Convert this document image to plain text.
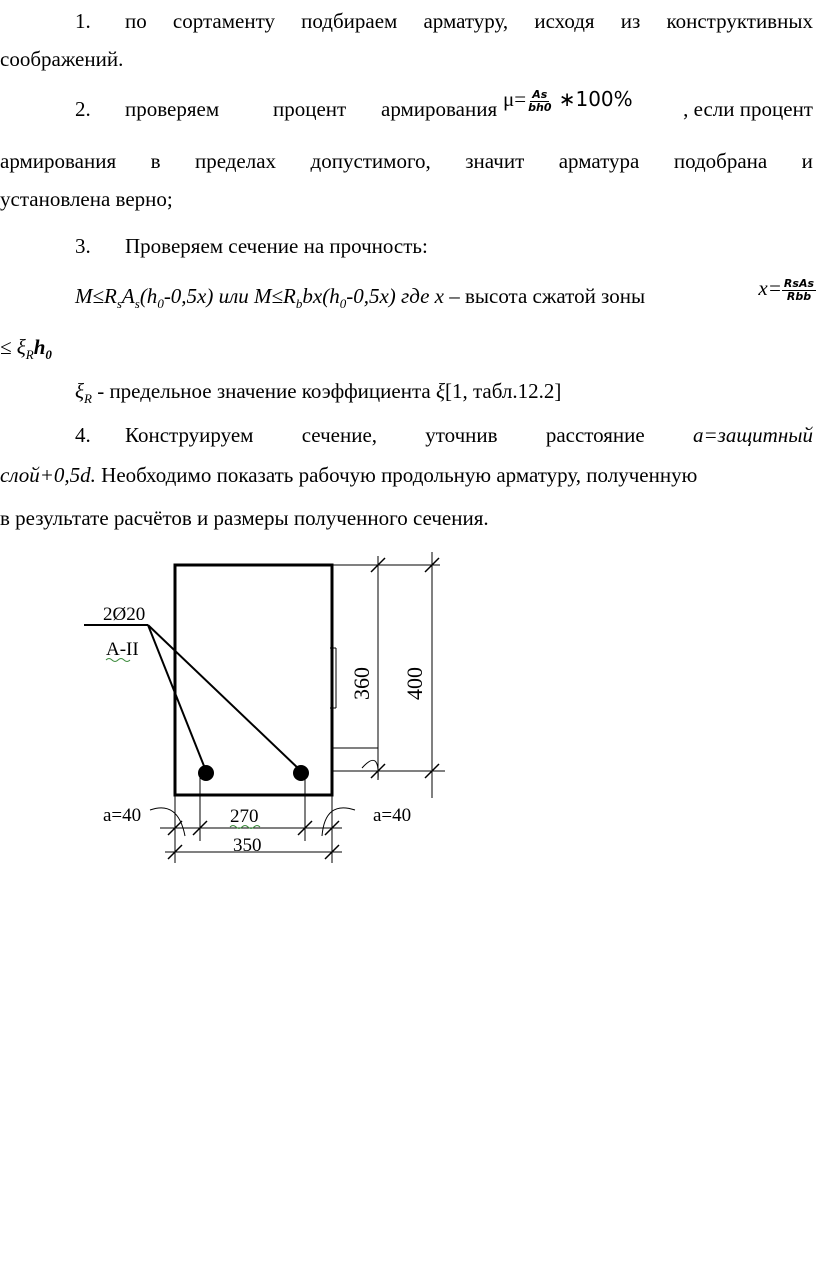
1. по сортаменту подбираем арматуру, исходя из конструктивных
соображений.
2. проверяем	процент армирования $\mu= \frac{As}{bh0}$ ∗100% , если процент
армирования в пределах допустимого, значит арматура подобрана и
установлена верно;
3. Проверяем сечение на прочность:
$M\le R_sA_s(h_0-0,5x)$ или $M\le R_bbx(h_0-0,5x)$ где x – высота сжатой зоны	$x= \frac{\text{RsAs}}{\text{Rbb}}$
≤ $\xi_Rh_0$
$\xi_R$ - предельное значение коэффициента ξ[1, табл.12.2]
4. Конструируем сечение, уточнив расстояние а=защитный
слой+0,5d. Необходимо показать рабочую продольную арматуру, полученную
в результате расчётов и размеры полученного сечения.
2Ø20
A-II
360 400
a=40	a=40
270
350
